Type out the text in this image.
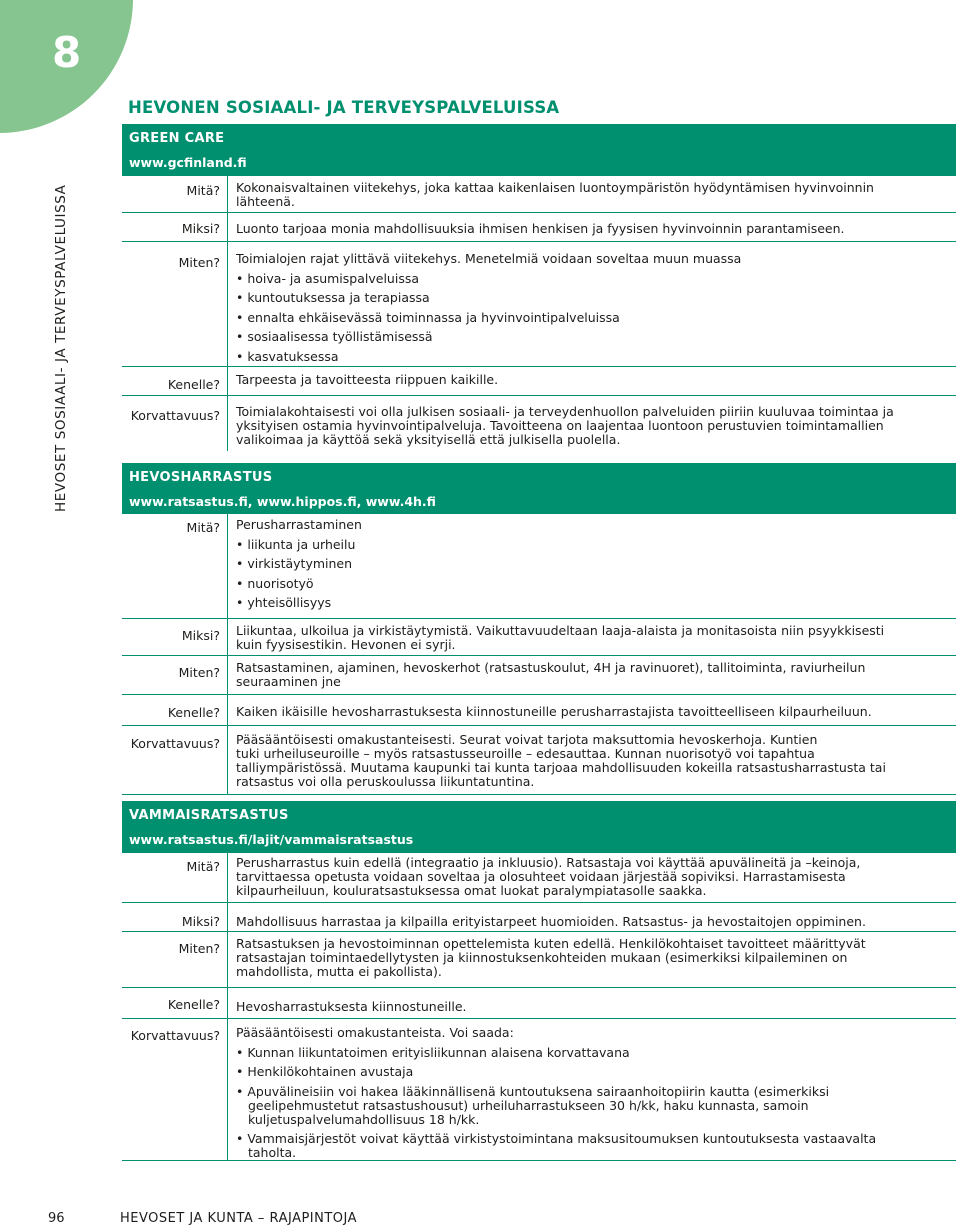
8
HEVOSET SOSIAALI- JA TERVEYSPALVELUISSA
HEVONEN SOSIAALI- JA TERVEYSPALVELUISSA
GREEN CARE
www.gcfinland.fi
Mitä?	Kokonaisvaltainen viitekehys, joka kattaa kaikenlaisen luontoympäristön hyödyntämisen hyvinvoinnin
lähteenä.
Miksi?	Luonto tarjoaa monia mahdollisuuksia ihmisen henkisen ja fyysisen hyvinvoinnin parantamiseen.
Miten?	Toimialojen rajat ylittävä viitekehys. Menetelmiä voidaan soveltaa muun muassa
• hoiva- ja asumispalveluissa
• kuntoutuksessa ja terapiassa
• ennalta ehkäisevässä toiminnassa ja hyvinvointipalveluissa
• sosiaalisessa työllistämisessä
• kasvatuksessa
Kenelle?	Tarpeesta ja tavoitteesta riippuen kaikille.
Korvattavuus?	Toimialakohtaisesti voi olla julkisen sosiaali- ja terveydenhuollon palveluiden piiriin kuuluvaa toimintaa ja
yksityisen ostamia hyvinvointipalveluja. Tavoitteena on laajentaa luontoon perustuvien toimintamallien
valikoimaa ja käyttöä sekä yksityisellä että julkisella puolella.
HEVOSHARRASTUS
www.ratsastus.fi, www.hippos.fi, www.4h.fi
Mitä?	Perusharrastaminen
• liikunta ja urheilu
• virkistäytyminen
• nuorisotyö
• yhteisöllisyys
Miksi?	Liikuntaa, ulkoilua ja virkistäytymistä. Vaikuttavuudeltaan laaja-alaista ja monitasoista niin psyykkisesti
kuin fyysisestikin. Hevonen ei syrji.
Miten?	Ratsastaminen, ajaminen, hevoskerhot (ratsastuskoulut, 4H ja ravinuoret), tallitoiminta, raviurheilun
seuraaminen jne
Kenelle?	Kaiken ikäisille hevosharrastuksesta kiinnostuneille perusharrastajista tavoitteelliseen kilpaurheiluun.
Korvattavuus?	Pääsääntöisesti omakustanteisesti. Seurat voivat tarjota maksuttomia hevoskerhoja. Kuntien
tuki urheiluseuroille – myös ratsastusseuroille – edesauttaa. Kunnan nuorisotyö voi tapahtua
talliympäristössä. Muutama kaupunki tai kunta tarjoaa mahdollisuuden kokeilla ratsastusharrastusta tai
ratsastus voi olla peruskoulussa liikuntatuntina.
VAMMAISRATSASTUS
www.ratsastus.fi/lajit/vammaisratsastus
Mitä?	Perusharrastus kuin edellä (integraatio ja inkluusio). Ratsastaja voi käyttää apuvälineitä ja –keinoja,
tarvittaessa opetusta voidaan soveltaa ja olosuhteet voidaan järjestää sopiviksi. Harrastamisesta
kilpaurheiluun, kouluratsastuksessa omat luokat paralympiatasolle saakka.
Miksi?	Mahdollisuus harrastaa ja kilpailla erityistarpeet huomioiden. Ratsastus- ja hevostaitojen oppiminen.
Miten?	Ratsastuksen ja hevostoiminnan opettelemista kuten edellä. Henkilökohtaiset tavoitteet määrittyvät
ratsastajan toimintaedellytysten ja kiinnostuksenkohteiden mukaan (esimerkiksi kilpaileminen on
mahdollista, mutta ei pakollista).
Kenelle?	Hevosharrastuksesta kiinnostuneille.
Korvattavuus?	Pääsääntöisesti omakustanteista. Voi saada:
• Kunnan liikuntatoimen erityisliikunnan alaisena korvattavana
• Henkilökohtainen avustaja
• Apuvälineisiin voi hakea lääkinnällisenä kuntoutuksena sairaanhoitopiirin kautta (esimerkiksi
geelipehmustetut ratsastushousut) urheiluharrastukseen 30 h/kk, haku kunnasta, samoin
kuljetuspalvelumahdollisuus 18 h/kk.
• Vammaisjärjestöt voivat käyttää virkistystoimintana maksusitoumuksen kuntoutuksesta vastaavalta
taholta.
96	HEVOSET JA KUNTA – RAJAPINTOJA
